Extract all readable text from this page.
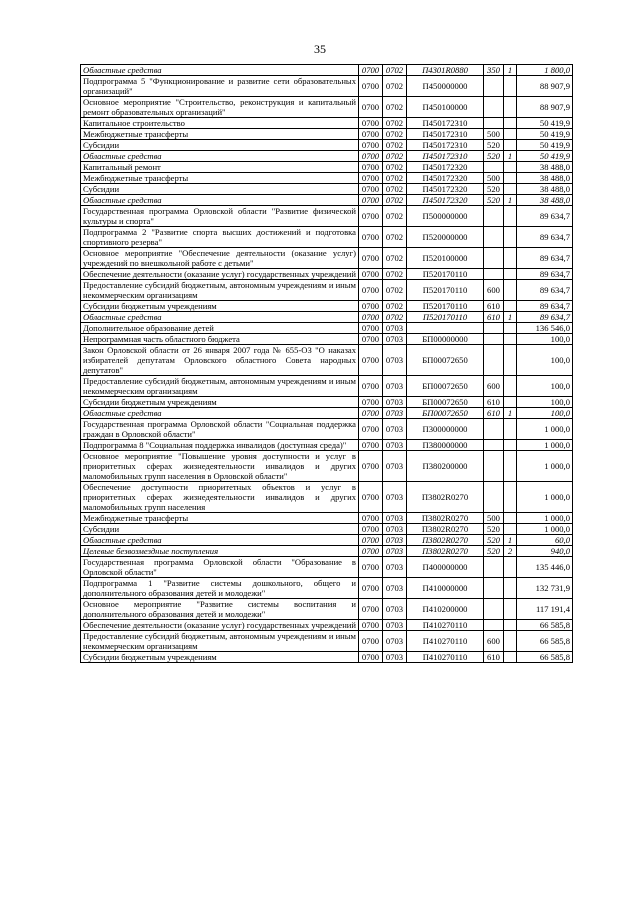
35
Областные средства	0700	0702	П4301R0880	350	1	1 800,0
Подпрограмма 5 "Функционирование и развитие сети образовательных организаций"	0700	0702	П450000000			88 907,9
Основное мероприятие "Строительство, реконструкция и капитальный ремонт образовательных организаций"	0700	0702	П450100000			88 907,9
Капитальное строительство	0700	0702	П450172310			50 419,9
Межбюджетные трансферты	0700	0702	П450172310	500		50 419,9
Субсидии	0700	0702	П450172310	520		50 419,9
Областные средства	0700	0702	П450172310	520	1	50 419,9
Капитальный ремонт	0700	0702	П450172320			38 488,0
Межбюджетные трансферты	0700	0702	П450172320	500		38 488,0
Субсидии	0700	0702	П450172320	520		38 488,0
Областные средства	0700	0702	П450172320	520	1	38 488,0
Государственная программа Орловской области "Развитие физической культуры и спорта"	0700	0702	П500000000			89 634,7
Подпрограмма 2 "Развитие спорта высших достижений и подготовка спортивного резерва"	0700	0702	П520000000			89 634,7
Основное мероприятие "Обеспечение деятельности (оказание услуг) учреждений по внешкольной работе с детьми"	0700	0702	П520100000			89 634,7
Обеспечение деятельности (оказание услуг) государственных учреждений	0700	0702	П520170110			89 634,7
Предоставление субсидий бюджетным, автономным учреждениям и иным некоммерческим организациям	0700	0702	П520170110	600		89 634,7
Субсидии бюджетным учреждениям	0700	0702	П520170110	610		89 634,7
Областные средства	0700	0702	П520170110	610	1	89 634,7
Дополнительное образование детей	0700	0703				136 546,0
Непрограммная часть областного бюджета	0700	0703	БП00000000			100,0
Закон Орловской области от 26 января 2007 года № 655-ОЗ "О наказах избирателей депутатам Орловского областного Совета народных депутатов"	0700	0703	БП00072650			100,0
Предоставление субсидий бюджетным, автономным учреждениям и иным некоммерческим организациям	0700	0703	БП00072650	600		100,0
Субсидии бюджетным учреждениям	0700	0703	БП00072650	610		100,0
Областные средства	0700	0703	БП00072650	610	1	100,0
Государственная программа Орловской области "Социальная поддержка граждан в Орловской области"	0700	0703	П300000000			1 000,0
Подпрограмма 8 "Социальная поддержка инвалидов (доступная среда)"	0700	0703	П380000000			1 000,0
Основное мероприятие "Повышение уровня доступности и услуг в приоритетных сферах жизнедеятельности инвалидов и других маломобильных групп населения в Орловской области"	0700	0703	П380200000			1 000,0
Обеспечение доступности приоритетных объектов и услуг в приоритетных сферах жизнедеятельности инвалидов и других маломобильных групп населения	0700	0703	П3802R0270			1 000,0
Межбюджетные трансферты	0700	0703	П3802R0270	500		1 000,0
Субсидии	0700	0703	П3802R0270	520		1 000,0
Областные средства	0700	0703	П3802R0270	520	1	60,0
Целевые безвозмездные поступления	0700	0703	П3802R0270	520	2	940,0
Государственная программа Орловской области "Образование в Орловской области"	0700	0703	П400000000			135 446,0
Подпрограмма 1 "Развитие системы дошкольного, общего и дополнительного образования детей и молодежи"	0700	0703	П410000000			132 731,9
Основное мероприятие "Развитие системы воспитания и дополнительного образования детей и молодежи"	0700	0703	П410200000			117 191,4
Обеспечение деятельности (оказание услуг) государственных учреждений	0700	0703	П410270110			66 585,8
Предоставление субсидий бюджетным, автономным учреждениям и иным некоммерческим организациям	0700	0703	П410270110	600		66 585,8
Субсидии бюджетным учреждениям	0700	0703	П410270110	610		66 585,8
